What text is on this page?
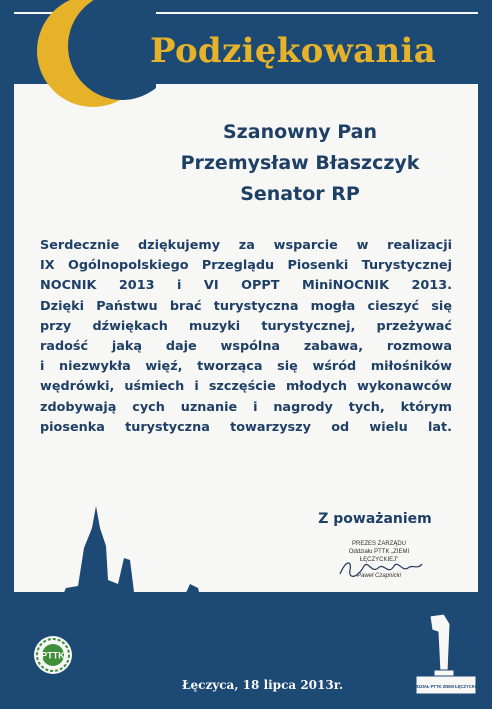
Podziękowania
Szanowny Pan
Przemysław Błaszczyk
Senator RP
Serdecznie dziękujemy za wsparcie w realizacji
IX Ogólnopolskiego Przeglądu Piosenki Turystycznej
NOCNIK 2013 i VI OPPT MiniNOCNIK 2013.
Dzięki Państwu brać turystyczna mogła cieszyć się
przy dźwiękach muzyki turystycznej, przeżywać
radość jaką daje wspólna zabawa, rozmowa
i niezwykła więź, tworząca się wśród miłośników
wędrówki, uśmiech i szczęście młodych wykonawców
zdobywają cych uznanie i nagrody tych, którym
piosenka turystyczna towarzyszy od wielu lat.
Z poważaniem
PREZES ZARZĄDU
Oddziału PTTK „ZIEMI ŁĘCZYCKIEJ”
Paweł Czapnicki
PTTK
ODDZIAŁ PTTK ZIEMI ŁĘCZYCKIEJ
Łęczyca, 18 lipca 2013r.
